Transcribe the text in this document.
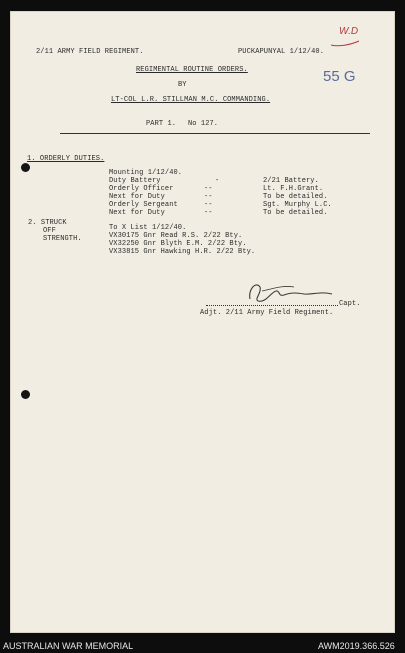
2/11 ARMY FIELD REGIMENT.	PUCKAPUNYAL 1/12/40.
W.D
55 G
REGIMENTAL ROUTINE ORDERS.
BY
LT-COL L.R. STILLMAN M.C. COMMANDING.
PART 1. No 127.
1. ORDERLY DUTIES.
Mounting 1/12/40.
Duty Battery	-	2/21 Battery.
Orderly Officer	--	Lt. F.H.Grant.
Next for Duty	--	To be detailed.
Orderly Sergeant	--	Sgt. Murphy L.C.
Next for Duty	--	To be detailed.
2. STRUCK
OFF
STRENGTH.
To X List 1/12/40.
VX30175 Gnr Read R.S. 2/22 Bty.
VX32250 Gnr Blyth E.M. 2/22 Bty.
VX33815 Gnr Hawking H.R. 2/22 Bty.
Capt.
Adjt. 2/11 Army Field Regiment.
AUSTRALIAN WAR MEMORIAL	AWM2019.366.526
